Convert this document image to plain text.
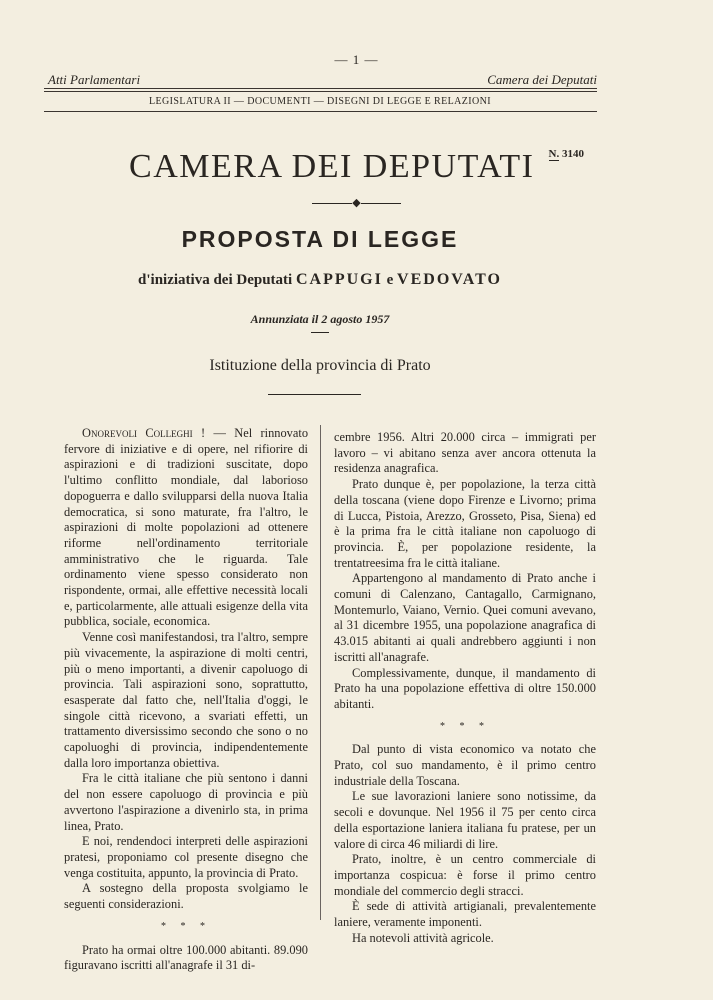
— 1 —
Atti Parlamentari	Camera dei Deputati
LEGISLATURA II — DOCUMENTI — DISEGNI DI LEGGE E RELAZIONI
CAMERA DEI DEPUTATI N. 3140
◆
PROPOSTA DI LEGGE
d'iniziativa dei Deputati CAPPUGI e VEDOVATO
Annunziata il 2 agosto 1957
Istituzione della provincia di Prato

Onorevoli Colleghi ! — Nel rinnovato fervore di iniziative e di opere, nel rifiorire di aspirazioni e di tradizioni suscitate, dopo l'ultimo conflitto mondiale, dal laborioso dopoguerra e dallo svilupparsi della nuova Italia democratica, si sono maturate, fra l'altro, le aspirazioni di molte popolazioni ad ottenere riforme nell'ordinamento territoriale amministrativo che le riguarda. Tale ordinamento viene spesso considerato non rispondente, ormai, alle effettive necessità locali e, particolarmente, alle attuali esigenze della vita pubblica, sociale, economica.

Venne così manifestandosi, tra l'altro, sempre più vivacemente, la aspirazione di molti centri, più o meno importanti, a divenir capoluogo di provincia. Tali aspirazioni sono, soprattutto, esasperate dal fatto che, nell'Italia d'oggi, le singole città ricevono, a svariati effetti, un trattamento diversissimo secondo che sono o no capoluoghi di provincia, indipendentemente dalla loro importanza obiettiva.

Fra le città italiane che più sentono i danni del non essere capoluogo di provincia e più avvertono l'aspirazione a divenirlo sta, in prima linea, Prato.

E noi, rendendoci interpreti delle aspirazioni pratesi, proponiamo col presente disegno che venga costituita, appunto, la provincia di Prato.

A sostegno della proposta svolgiamo le seguenti considerazioni.

* * *

Prato ha ormai oltre 100.000 abitanti. 89.090 figuravano iscritti all'anagrafe il 31 di-

cembre 1956. Altri 20.000 circa – immigrati per lavoro – vi abitano senza aver ancora ottenuta la residenza anagrafica.

Prato dunque è, per popolazione, la terza città della toscana (viene dopo Firenze e Livorno; prima di Lucca, Pistoia, Arezzo, Grosseto, Pisa, Siena) ed è la prima fra le città italiane non capoluogo di provincia. È, per popolazione residente, la trentatreesima fra le città italiane.

Appartengono al mandamento di Prato anche i comuni di Calenzano, Cantagallo, Carmignano, Montemurlo, Vaiano, Vernio. Quei comuni avevano, al 31 dicembre 1955, una popolazione anagrafica di 43.015 abitanti ai quali andrebbero aggiunti i non iscritti all'anagrafe.

Complessivamente, dunque, il mandamento di Prato ha una popolazione effettiva di oltre 150.000 abitanti.

* * *

Dal punto di vista economico va notato che Prato, col suo mandamento, è il primo centro industriale della Toscana.

Le sue lavorazioni laniere sono notissime, da secoli e dovunque. Nel 1956 il 75 per cento circa della esportazione laniera italiana fu pratese, per un valore di circa 46 miliardi di lire.

Prato, inoltre, è un centro commerciale di importanza cospicua: è forse il primo centro mondiale del commercio degli stracci.

È sede di attività artigianali, prevalentemente laniere, veramente imponenti.

Ha notevoli attività agricole.
